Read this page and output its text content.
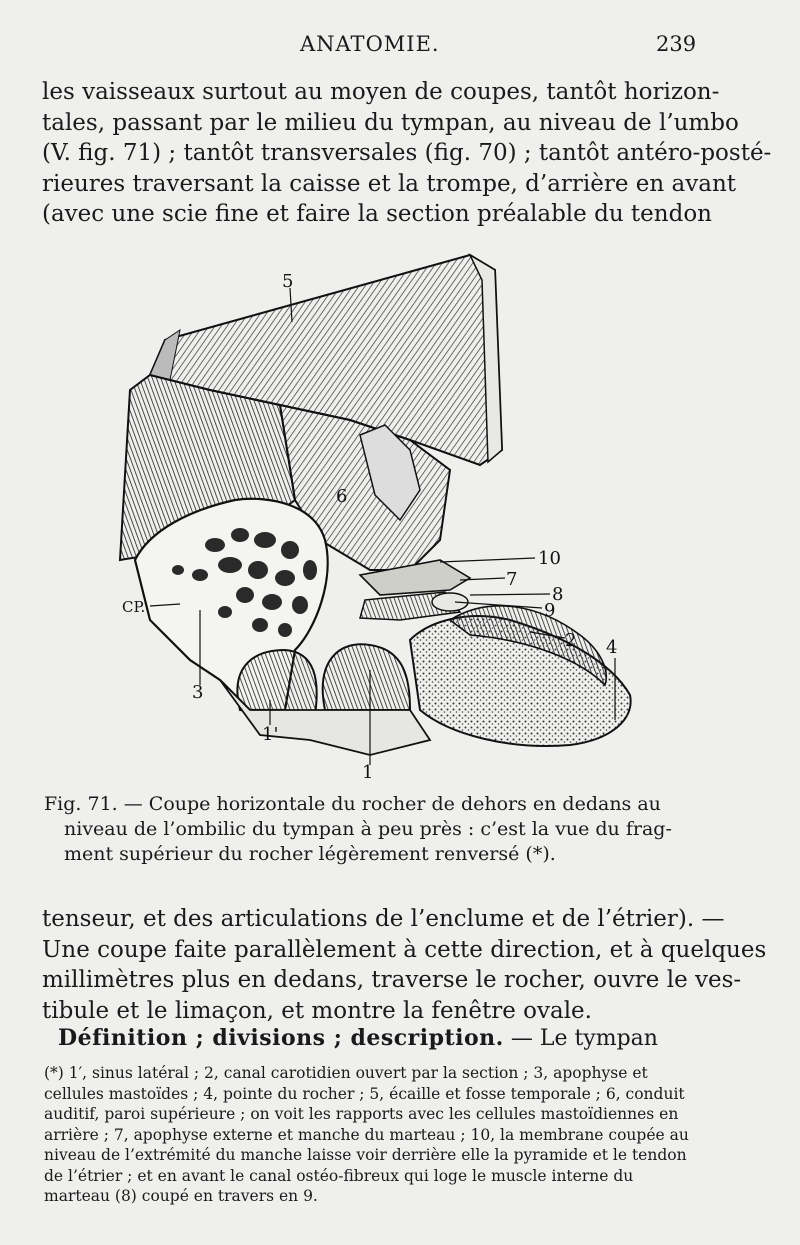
ANATOMIE.	239
les vaisseaux surtout au moyen de coupes, tantôt horizon-
tales, passant par le milieu du tympan, au niveau de l’umbo
(V. fig. 71) ; tantôt transversales (fig. 70) ; tantôt antéro-posté-
rieures traversant la caisse et la trompe, d’arrière en avant
(avec une scie fine et faire la section préalable du tendon
5
6
10
7
8
9
2 4
CP.
3
1'
1
Fig. 71. — Coupe horizontale du rocher de dehors en dedans au
niveau de l’ombilic du tympan à peu près : c’est la vue du frag-
ment supérieur du rocher légèrement renversé (*).
tenseur, et des articulations de l’enclume et de l’étrier). —
Une coupe faite parallèlement à cette direction, et à quelques
millimètres plus en dedans, traverse le rocher, ouvre le ves-
tibule et le limaçon, et montre la fenêtre ovale.
Définition ; divisions ; description. — Le tympan
(*) 1′, sinus latéral ; 2, canal carotidien ouvert par la section ; 3, apophyse et
cellules mastoïdes ; 4, pointe du rocher ; 5, écaille et fosse temporale ; 6, conduit
auditif, paroi supérieure ; on voit les rapports avec les cellules mastoïdiennes en
arrière ; 7, apophyse externe et manche du marteau ; 10, la membrane coupée au
niveau de l’extrémité du manche laisse voir derrière elle la pyramide et le tendon
de l’étrier ; et en avant le canal ostéo-fibreux qui loge le muscle interne du
marteau (8) coupé en travers en 9.
